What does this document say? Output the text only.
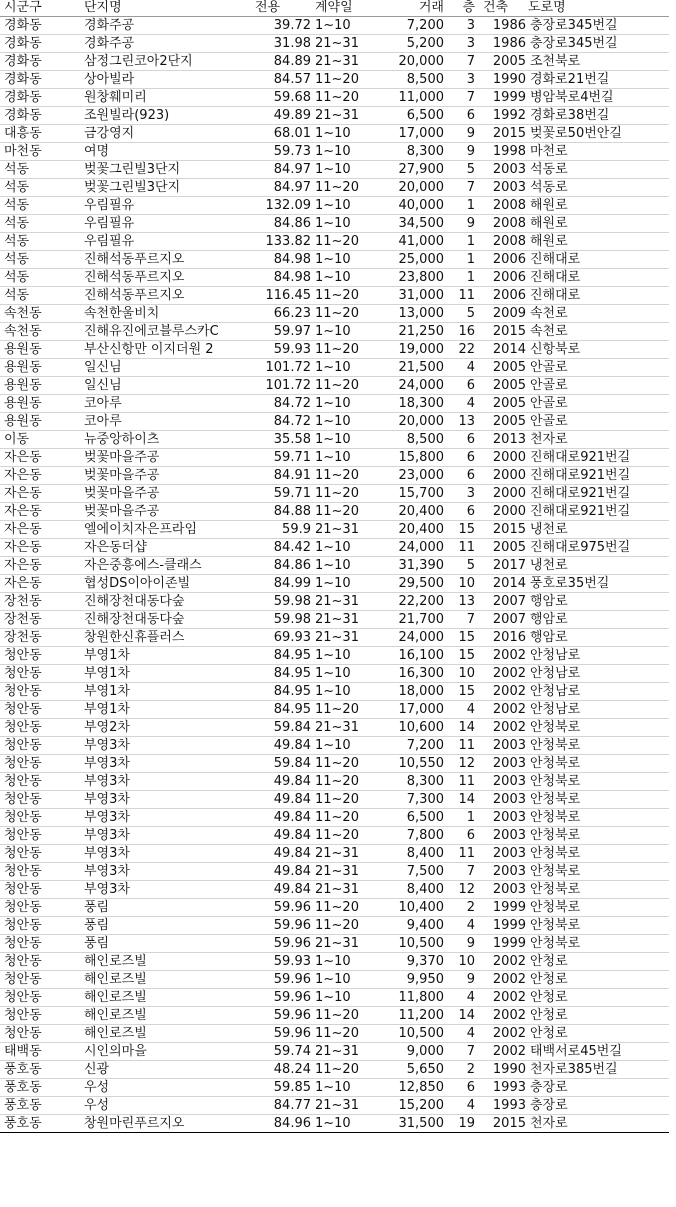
시군구	단지명	전용	계약일	거래	층	건축	도로명
경화동	경화주공	39.72	1~10	7,200	3	1986	충장로345번길
경화동	경화주공	31.98	21~31	5,200	3	1986	충장로345번길
경화동	삼정그린코아2단지	84.89	21~31	20,000	7	2005	조천북로
경화동	상아빌라	84.57	11~20	8,500	3	1990	경화로21번길
경화동	원창훼미리	59.68	11~20	11,000	7	1999	병암북로4번길
경화동	조원빌라(923)	49.89	21~31	6,500	6	1992	경화로38번길
대흥동	금강영지	68.01	1~10	17,000	9	2015	벚꽃로50번안길
마천동	여명	59.73	1~10	8,300	9	1998	마천로
석동	벚꽃그린빌3단지	84.97	1~10	27,900	5	2003	석동로
석동	벚꽃그린빌3단지	84.97	11~20	20,000	7	2003	석동로
석동	우림필유	132.09	1~10	40,000	1	2008	해원로
석동	우림필유	84.86	1~10	34,500	9	2008	해원로
석동	우림필유	133.82	11~20	41,000	1	2008	해원로
석동	진해석동푸르지오	84.98	1~10	25,000	1	2006	진해대로
석동	진해석동푸르지오	84.98	1~10	23,800	1	2006	진해대로
석동	진해석동푸르지오	116.45	11~20	31,000	11	2006	진해대로
속천동	속천한울비치	66.23	11~20	13,000	5	2009	속천로
속천동	진해유진에코블루스카C	59.97	1~10	21,250	16	2015	속천로
용원동	부산신항만 이지더원 2	59.93	11~20	19,000	22	2014	신항북로
용원동	일신님	101.72	1~10	21,500	4	2005	안골로
용원동	일신님	101.72	11~20	24,000	6	2005	안골로
용원동	코아루	84.72	1~10	18,300	4	2005	안골로
용원동	코아루	84.72	1~10	20,000	13	2005	안골로
이동	뉴중앙하이츠	35.58	1~10	8,500	6	2013	천자로
자은동	벚꽃마을주공	59.71	1~10	15,800	6	2000	진해대로921번길
자은동	벚꽃마을주공	84.91	11~20	23,000	6	2000	진해대로921번길
자은동	벚꽃마을주공	59.71	11~20	15,700	3	2000	진해대로921번길
자은동	벚꽃마을주공	84.88	11~20	20,400	6	2000	진해대로921번길
자은동	엘에이치자은프라임	59.9	21~31	20,400	15	2015	냉천로
자은동	자은동더샵	84.42	1~10	24,000	11	2005	진해대로975번길
자은동	자은중흥에스-클래스	84.86	1~10	31,390	5	2017	냉천로
자은동	협성DS이아이존빌	84.99	1~10	29,500	10	2014	풍호로35번길
장천동	진해장천대동다숲	59.98	21~31	22,200	13	2007	행암로
장천동	진해장천대동다숲	59.98	21~31	21,700	7	2007	행암로
장천동	창원한신휴플러스	69.93	21~31	24,000	15	2016	행암로
청안동	부영1차	84.95	1~10	16,100	15	2002	안청남로
청안동	부영1차	84.95	1~10	16,300	10	2002	안청남로
청안동	부영1차	84.95	1~10	18,000	15	2002	안청남로
청안동	부영1차	84.95	11~20	17,000	4	2002	안청남로
청안동	부영2차	59.84	21~31	10,600	14	2002	안청북로
청안동	부영3차	49.84	1~10	7,200	11	2003	안청북로
청안동	부영3차	59.84	11~20	10,550	12	2003	안청북로
청안동	부영3차	49.84	11~20	8,300	11	2003	안청북로
청안동	부영3차	49.84	11~20	7,300	14	2003	안청북로
청안동	부영3차	49.84	11~20	6,500	1	2003	안청북로
청안동	부영3차	49.84	11~20	7,800	6	2003	안청북로
청안동	부영3차	49.84	21~31	8,400	11	2003	안청북로
청안동	부영3차	49.84	21~31	7,500	7	2003	안청북로
청안동	부영3차	49.84	21~31	8,400	12	2003	안청북로
청안동	풍림	59.96	11~20	10,400	2	1999	안청북로
청안동	풍림	59.96	11~20	9,400	4	1999	안청북로
청안동	풍림	59.96	21~31	10,500	9	1999	안청북로
청안동	해인로즈빌	59.93	1~10	9,370	10	2002	안청로
청안동	해인로즈빌	59.96	1~10	9,950	9	2002	안청로
청안동	해인로즈빌	59.96	1~10	11,800	4	2002	안청로
청안동	해인로즈빌	59.96	11~20	11,200	14	2002	안청로
청안동	해인로즈빌	59.96	11~20	10,500	4	2002	안청로
태백동	시인의마을	59.74	21~31	9,000	7	2002	태백서로45번길
풍호동	신광	48.24	11~20	5,650	2	1990	천자로385번길
풍호동	우성	59.85	1~10	12,850	6	1993	충장로
풍호동	우성	84.77	21~31	15,200	4	1993	충장로
풍호동	창원마린푸르지오	84.96	1~10	31,500	19	2015	천자로
